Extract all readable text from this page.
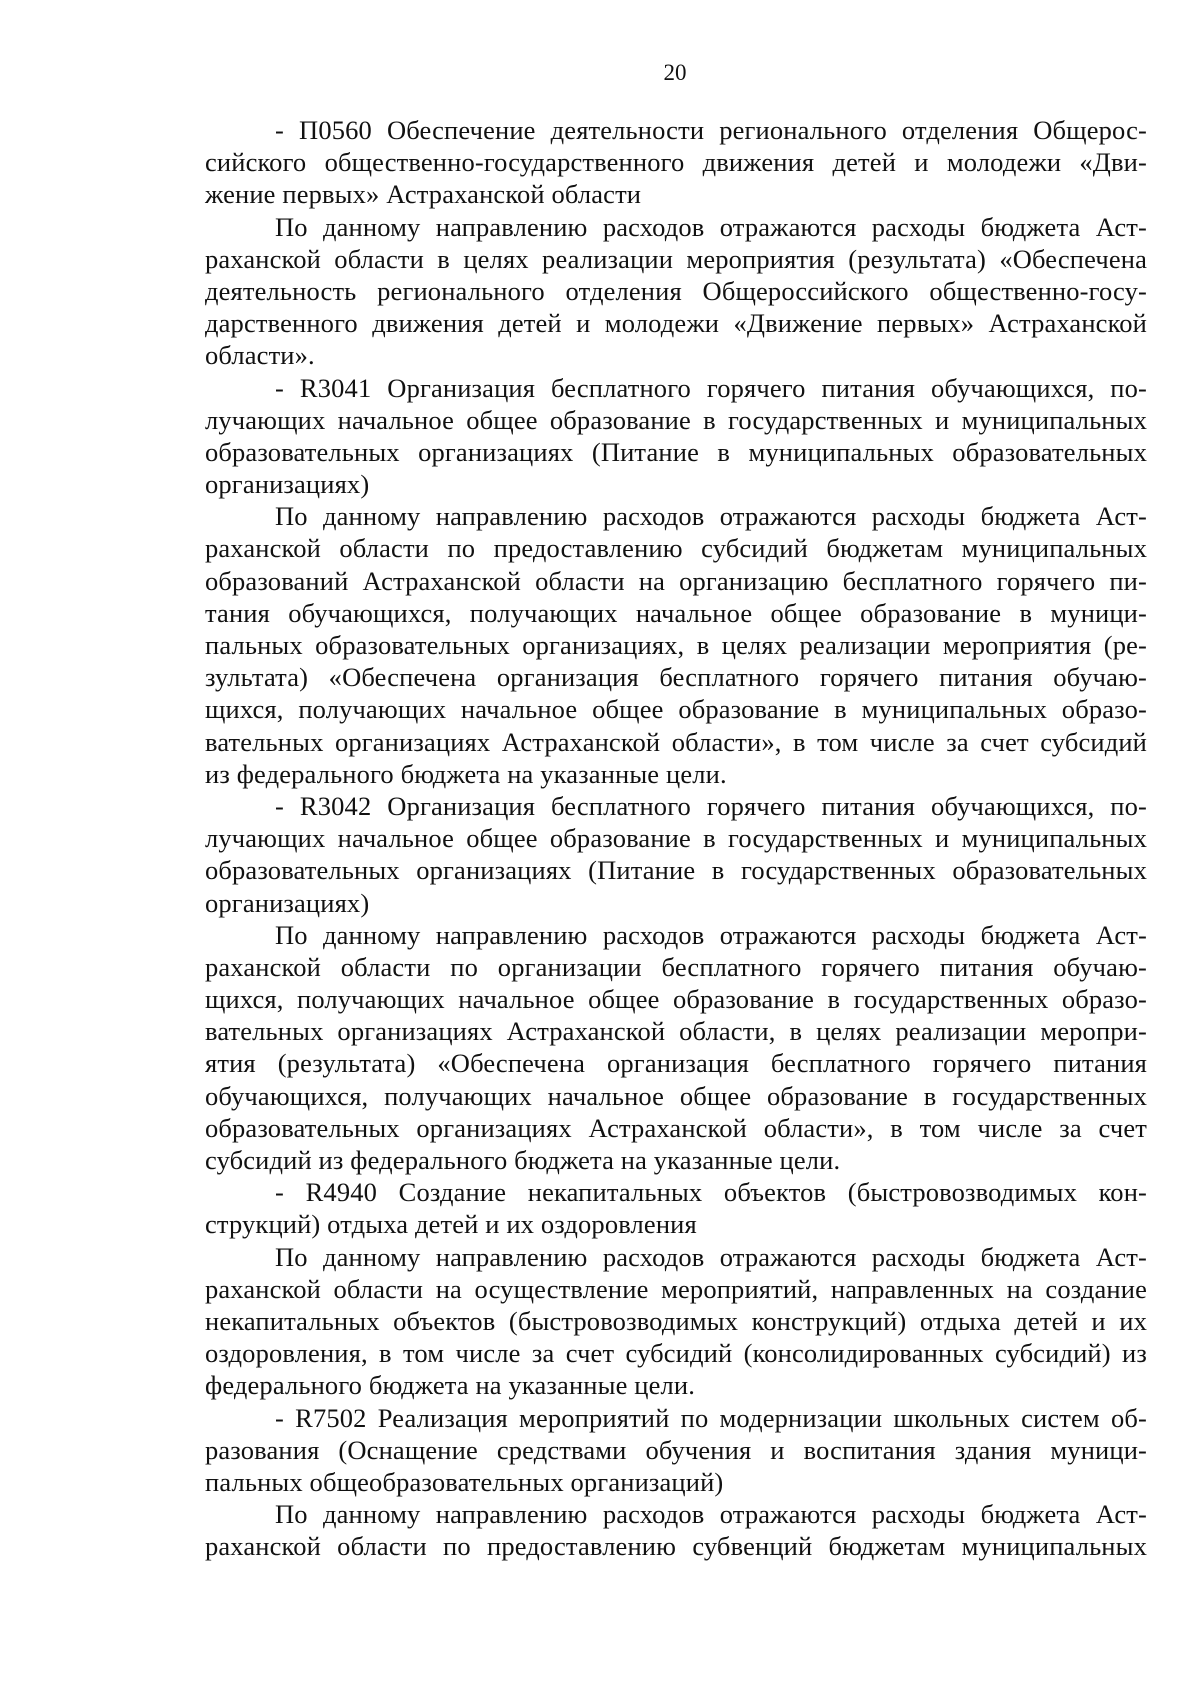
20
- П0560 Обеспечение деятельности регионального отделения Общерос-
сийского общественно-государственного движения детей и молодежи «Дви-
жение первых» Астраханской области
По данному направлению расходов отражаются расходы бюджета Аст-
раханской области в целях реализации мероприятия (результата) «Обеспечена
деятельность регионального отделения Общероссийского общественно-госу-
дарственного движения детей и молодежи «Движение первых» Астраханской
области».
- R3041 Организация бесплатного горячего питания обучающихся, по-
лучающих начальное общее образование в государственных и муниципальных
образовательных организациях (Питание в муниципальных образовательных
организациях)
По данному направлению расходов отражаются расходы бюджета Аст-
раханской области по предоставлению субсидий бюджетам муниципальных
образований Астраханской области на организацию бесплатного горячего пи-
тания обучающихся, получающих начальное общее образование в муници-
пальных образовательных организациях, в целях реализации мероприятия (ре-
зультата) «Обеспечена организация бесплатного горячего питания обучаю-
щихся, получающих начальное общее образование в муниципальных образо-
вательных организациях Астраханской области», в том числе за счет субсидий
из федерального бюджета на указанные цели.
- R3042 Организация бесплатного горячего питания обучающихся, по-
лучающих начальное общее образование в государственных и муниципальных
образовательных организациях (Питание в государственных образовательных
организациях)
По данному направлению расходов отражаются расходы бюджета Аст-
раханской области по организации бесплатного горячего питания обучаю-
щихся, получающих начальное общее образование в государственных образо-
вательных организациях Астраханской области, в целях реализации меропри-
ятия (результата) «Обеспечена организация бесплатного горячего питания
обучающихся, получающих начальное общее образование в государственных
образовательных организациях Астраханской области», в том числе за счет
субсидий из федерального бюджета на указанные цели.
- R4940 Создание некапитальных объектов (быстровозводимых кон-
струкций) отдыха детей и их оздоровления
По данному направлению расходов отражаются расходы бюджета Аст-
раханской области на осуществление мероприятий, направленных на создание
некапитальных объектов (быстровозводимых конструкций) отдыха детей и их
оздоровления, в том числе за счет субсидий (консолидированных субсидий) из
федерального бюджета на указанные цели.
- R7502 Реализация мероприятий по модернизации школьных систем об-
разования (Оснащение средствами обучения и воспитания здания муници-
пальных общеобразовательных организаций)
По данному направлению расходов отражаются расходы бюджета Аст-
раханской области по предоставлению субвенций бюджетам муниципальных
